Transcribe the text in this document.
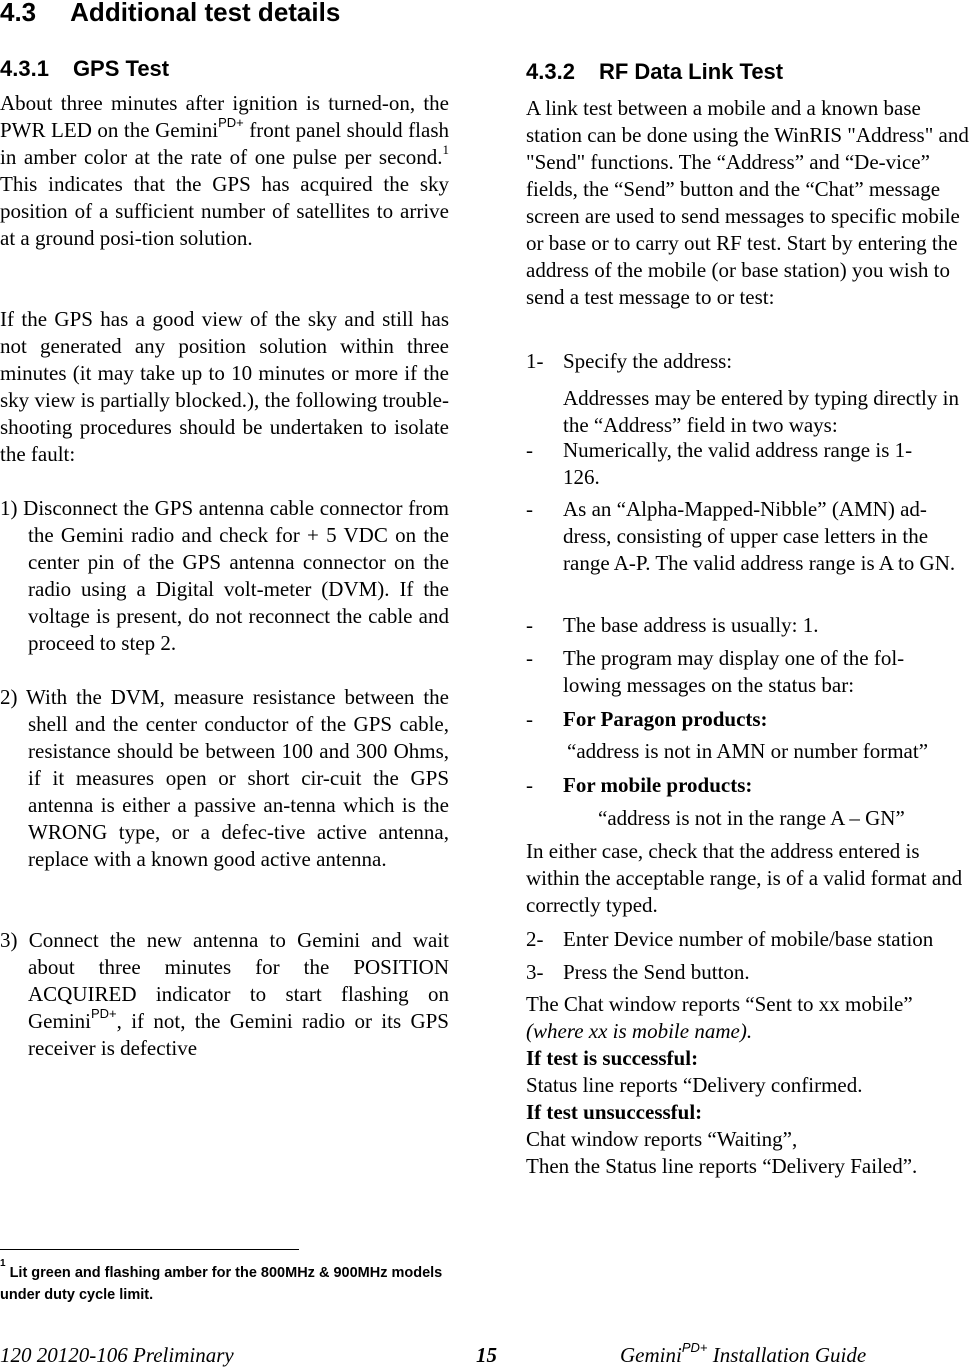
4.3 Additional test details
4.3.1 GPS Test
About three minutes after ignition is turned-on, the PWR LED on the Gemini$^{PD+}$ front panel should flash in amber color at the rate of one pulse per second.$^1$ This indicates that the GPS has acquired the sky position of a sufficient number of satellites to arrive at a ground posi-tion solution.
If the GPS has a good view of the sky and still has not generated any position solution within three minutes (it may take up to 10 minutes or more if the sky view is partially blocked.), the following trouble-shooting procedures should be undertaken to isolate the fault:
1) Disconnect the GPS antenna cable connector from the Gemini radio and check for + 5 VDC on the center pin of the GPS antenna connector on the radio using a Digital volt-meter (DVM). If the voltage is present, do not reconnect the cable and proceed to step 2.
2) With the DVM, measure resistance between the shell and the center conductor of the GPS cable, resistance should be between 100 and 300 Ohms, if it measures open or short cir-cuit the GPS antenna is either a passive an-tenna which is the WRONG type, or a defec-tive active antenna, replace with a known good active antenna.
3) Connect the new antenna to Gemini and wait about three minutes for the POSITION ACQUIRED indicator to start flashing on Gemini$^{PD+}$, if not, the Gemini radio or its GPS receiver is defective
4.3.2 RF Data Link Test
A link test between a mobile and a known base station can be done using the WinRIS "Address" and "Send" functions. The “Address” and “De-vice” fields, the “Send” button and the “Chat” message screen are used to send messages to specific mobile or base or to carry out RF test. Start by entering the address of the mobile (or base station) you wish to send a test message to or test:
1- Specify the address:
Addresses may be entered by typing directly in the “Address” field in two ways:
-	Numerically, the valid address range is 1-126.
-	As an “Alpha-Mapped-Nibble” (AMN) ad-dress, consisting of upper case letters in the range A-P. The valid address range is A to GN.
-	The base address is usually: 1.
-	The program may display one of the fol-lowing messages on the status bar:
-	For Paragon products:
“address is not in AMN or number format”
-	For mobile products:
“address is not in the range A – GN”
In either case, check that the address entered is within the acceptable range, is of a valid format and correctly typed.
2- Enter Device number of mobile/base station
3- Press the Send button.
The Chat window reports “Sent to xx mobile”
(where xx is mobile name).
If test is successful:
Status line reports “Delivery confirmed.
If test unsuccessful:
Chat window reports “Waiting”,
Then the Status line reports “Delivery Failed”.
$^1$Lit green and flashing amber for the 800MHz & 900MHz models under duty cycle limit.
120 20120-106 Preliminary	15	Gemini$^{PD+}$ Installation Guide
